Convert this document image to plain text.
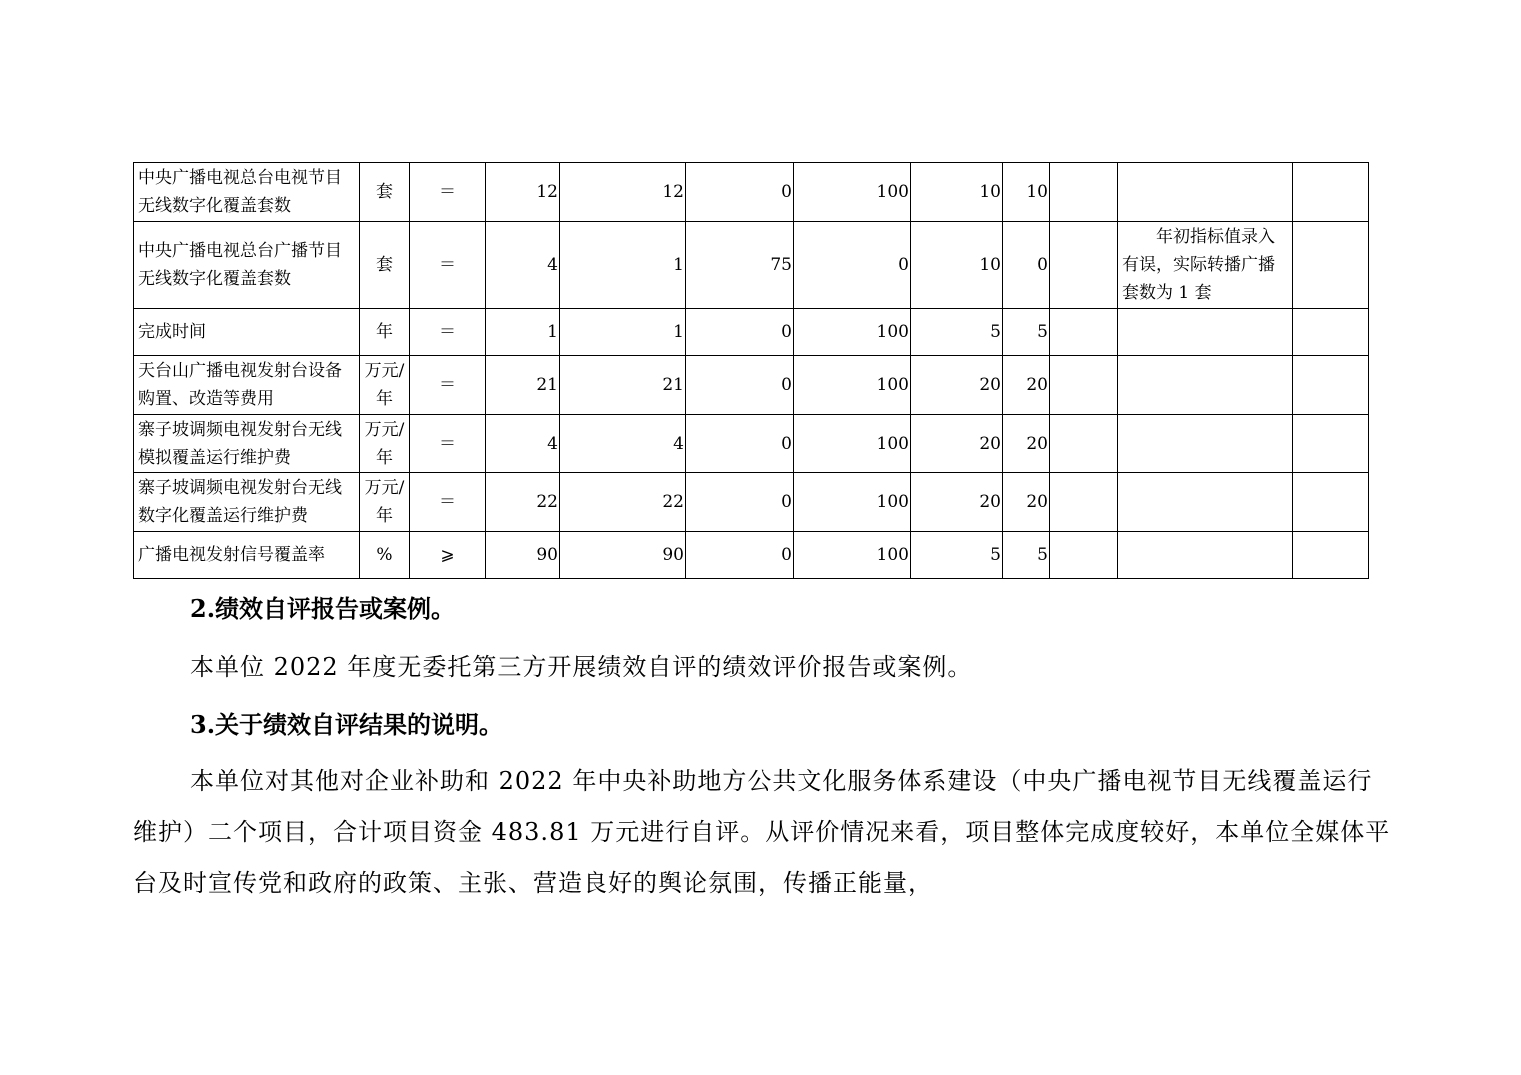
中央广播电视总台电视节目无线数字化覆盖套数	套	＝	12	12	0	100	10	10			
中央广播电视总台广播节目无线数字化覆盖套数	套	＝	4	1	75	0	10	0		年初指标值录入有误，实际转播广播套数为 1 套	
完成时间	年	＝	1	1	0	100	5	5			
天台山广播电视发射台设备购置、改造等费用	万元/年	＝	21	21	0	100	20	20			
寨子坡调频电视发射台无线模拟覆盖运行维护费	万元/年	＝	4	4	0	100	20	20			
寨子坡调频电视发射台无线数字化覆盖运行维护费	万元/年	＝	22	22	0	100	20	20			
广播电视发射信号覆盖率	%	⩾	90	90	0	100	5	5			
2.绩效自评报告或案例。

本单位 2022 年度无委托第三方开展绩效自评的绩效评价报告或案例。

3.关于绩效自评结果的说明。

本单位对其他对企业补助和 2022 年中央补助地方公共文化服务体系建设（中央广播电视节目无线覆盖运行维护）二个项目，合计项目资金 483.81 万元进行自评。从评价情况来看，项目整体完成度较好，本单位全媒体平台及时宣传党和政府的政策、主张、营造良好的舆论氛围，传播正能量，
